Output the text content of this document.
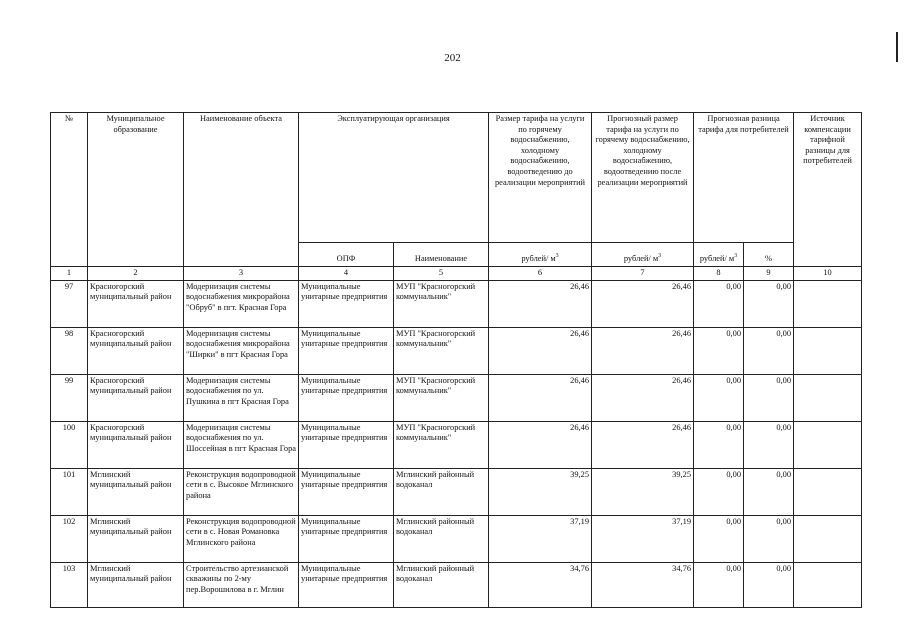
202
№	Муниципальное образование	Наименование объекта	Эксплуатирующая организация		Размер тарифа на услуги по горячему водоснабжению, холодному водоснабжению, водоотведению до реализации мероприятий	Прогнозный размер тарифа на услуги по горячему водоснабжению, холодному водоснабжению, водоотведению после реализации мероприятий	Прогнозная разница тарифа для потребителей		Источник компенсации тарифной разницы для потребителей
			ОПФ	Наименование	рублей/ $м^3$	рублей/ $м^3$	рублей/ $м^3$	%	
1	2	3	4	5	6	7	8	9	10
97	Красногорский муниципальный район	Модернизация системы водоснабжения микрорайона "Обруб" в пгт. Красная Гора	Муниципальные унитарные предприятия	МУП "Красногорский коммунальник"	26,46	26,46	0,00	0,00	
98	Красногорский муниципальный район	Модернизация системы водоснабжения микрорайона "Ширки" в пгт Красная Гора	Муниципальные унитарные предприятия	МУП "Красногорский коммунальник"	26,46	26,46	0,00	0,00	
99	Красногорский муниципальный район	Модернизация системы водоснабжения по ул. Пушкина в пгт Красная Гора	Муниципальные унитарные предприятия	МУП "Красногорский коммунальник"	26,46	26,46	0,00	0,00	
100	Красногорский муниципальный район	Модернизация системы водоснабжения по ул. Шоссейная в пгт Красная Гора	Муниципальные унитарные предприятия	МУП "Красногорский коммунальник"	26,46	26,46	0,00	0,00	
101	Мглинский муниципальный район	Реконструкция водопроводной сети в с. Высокое Мглинского района	Муниципальные унитарные предприятия	Мглинский районный водоканал	39,25	39,25	0,00	0,00	
102	Мглинский муниципальный район	Реконструкция водопроводной сети в с. Новая Романовка Мглинского района	Муниципальные унитарные предприятия	Мглинский районный водоканал	37,19	37,19	0,00	0,00	
103	Мглинский муниципальный район	Строительство артезианской скважины по 2-му пер.Ворошилова в г. Мглин	Муниципальные унитарные предприятия	Мглинский районный водоканал	34,76	34,76	0,00	0,00	
